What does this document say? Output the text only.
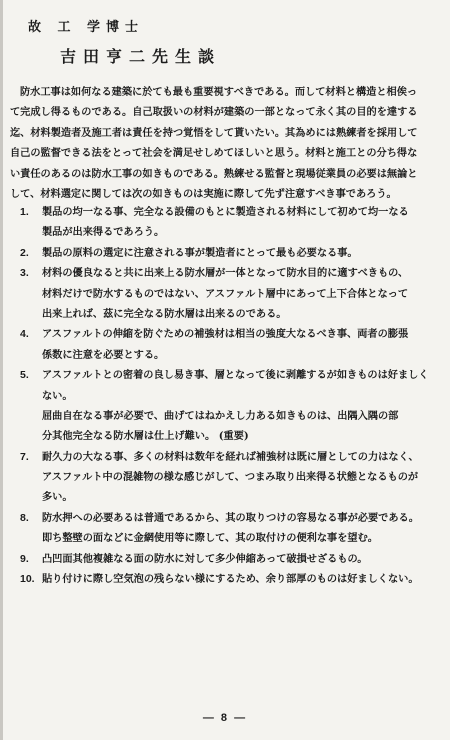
故 工 学博士
吉田亨二先生談
防水工事は如何なる建築に於ても最も重要視すべきである。而して材料と構造と相俟っ
て完成し得るものである。自己取扱いの材料が建築の一部となって永く其の目的を達する
迄、材料製造者及施工者は責任を持つ覚悟をして貰いたい。其為めには熟練者を採用して
自己の監督できる法をとって社会を満足せしめてほしいと思う。材料と施工との分ち得な
い責任のあるのは防水工事の如きものである。熟練せる監督と現場従業員の必要は無論と
して、材料選定に関しては次の如きものは実施に際して先ず注意すべき事であろう。
1. 製品の均一なる事、完全なる設備のもとに製造される材料にして初めて均一なる
製品が出来得るであろう。
2. 製品の原料の選定に注意される事が製造者にとって最も必要なる事。
3. 材料の優良なると共に出来上る防水層が一体となって防水目的に適すべきもの、
材料だけで防水するものではない、アスファルト層中にあって上下合体となって
出来上れば、茲に完全なる防水層は出来るのである。
4. アスファルトの伸縮を防ぐための補強材は相当の強度大なるべき事、両者の膨張
係数に注意を必要とする。
5. アスファルトとの密着の良し易き事、層となって後に剥離するが如きものは好ましく
ない。
屈曲自在なる事が必要で、曲げてはねかえし力ある如きものは、出隅入隅の部
分其他完全なる防水層は仕上げ難い。 (重要)
7. 耐久力の大なる事、多くの材料は数年を経れば補強材は既に層としての力はなく、
アスファルト中の混雑物の様な感じがして、つまみ取り出来得る状態となるものが
多い。
8. 防水押への必要あるは普通であるから、其の取りつけの容易なる事が必要である。
即ち整壁の面などに金網使用等に際して、其の取付けの便利な事を望む。
9. 凸凹面其他複雑なる面の防水に対して多少伸縮あって破損せざるもの。
10. 貼り付けに際し空気泡の残らない様にするため、余り部厚のものは好ましくない。
— 8 —
